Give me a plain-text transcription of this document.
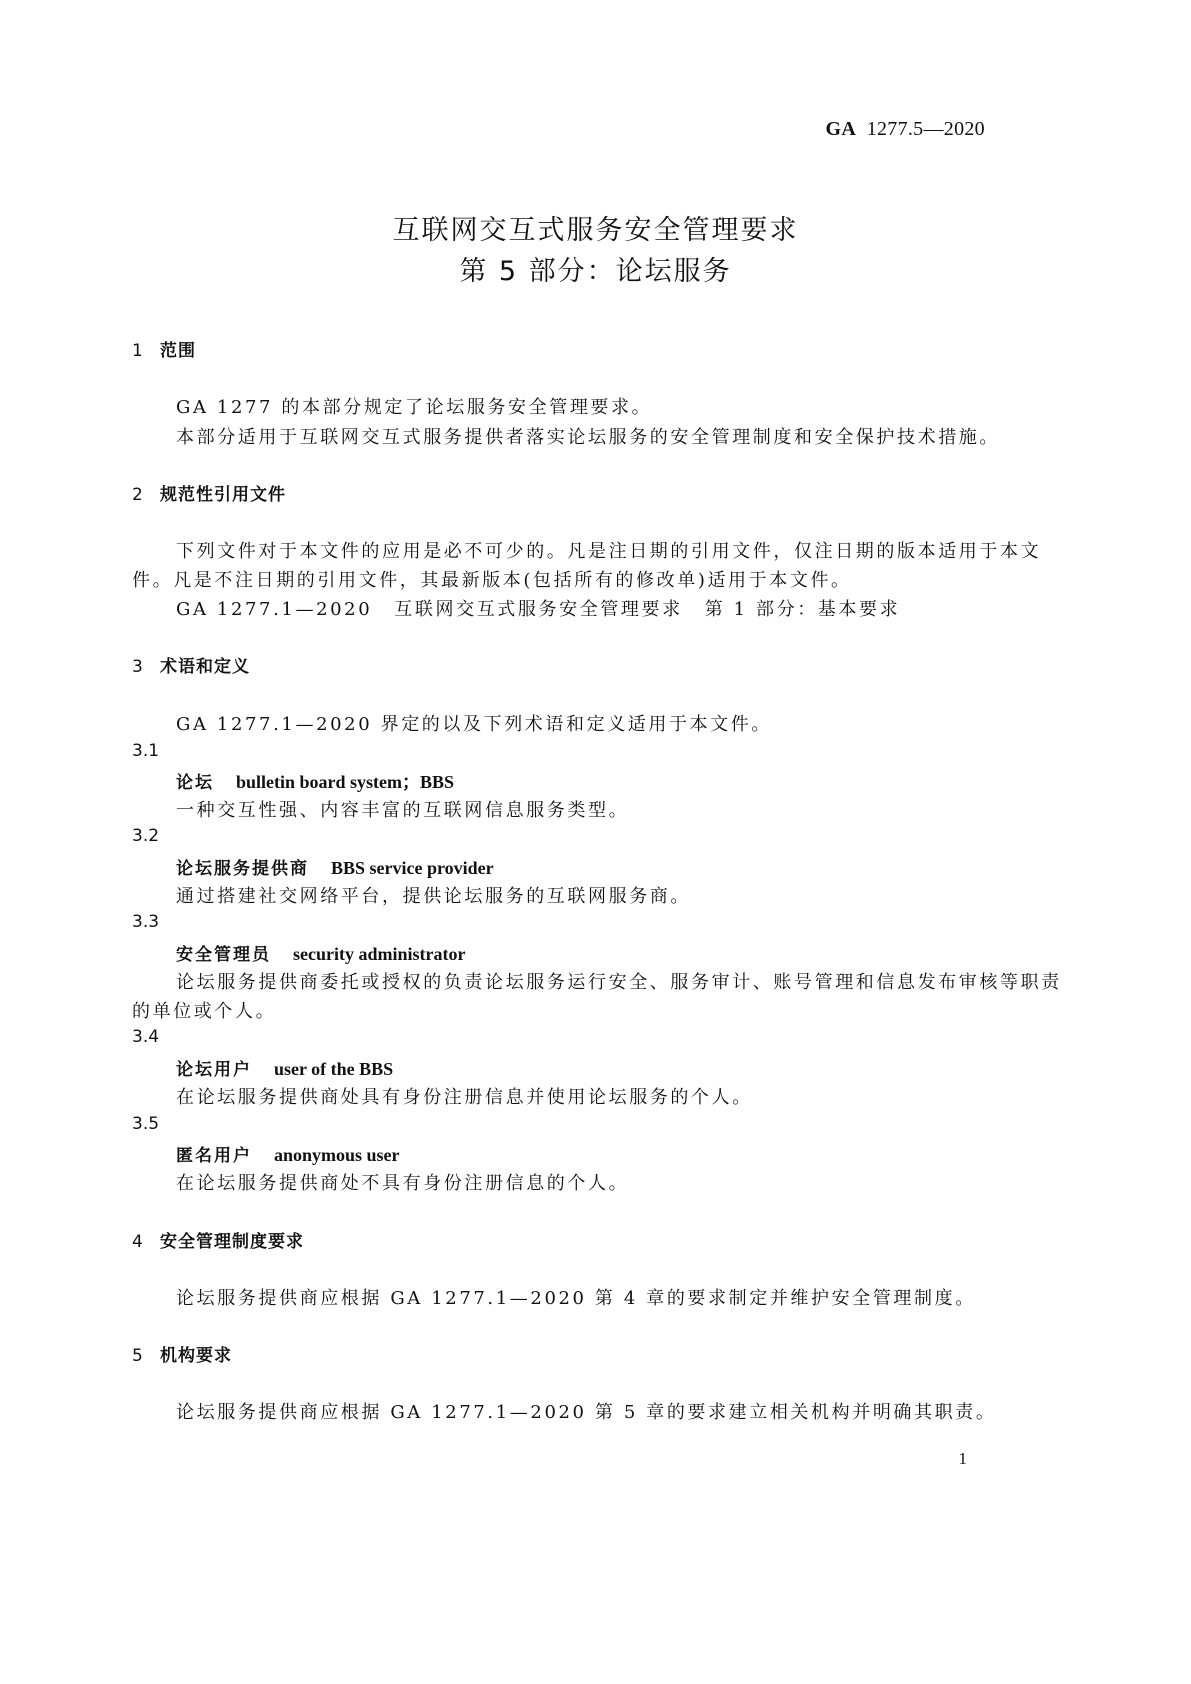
GA 1277.5—2020
互联网交互式服务安全管理要求
第 5 部分：论坛服务
1 范围
GA 1277 的本部分规定了论坛服务安全管理要求。
本部分适用于互联网交互式服务提供者落实论坛服务的安全管理制度和安全保护技术措施。
2 规范性引用文件
下列文件对于本文件的应用是必不可少的。凡是注日期的引用文件，仅注日期的版本适用于本文
件。凡是不注日期的引用文件，其最新版本(包括所有的修改单)适用于本文件。
GA 1277.1—2020 互联网交互式服务安全管理要求 第 1 部分：基本要求
3 术语和定义
GA 1277.1—2020 界定的以及下列术语和定义适用于本文件。
3.1
论坛 bulletin board system；BBS
一种交互性强、内容丰富的互联网信息服务类型。
3.2
论坛服务提供商 BBS service provider
通过搭建社交网络平台，提供论坛服务的互联网服务商。
3.3
安全管理员 security administrator
论坛服务提供商委托或授权的负责论坛服务运行安全、服务审计、账号管理和信息发布审核等职责
的单位或个人。
3.4
论坛用户 user of the BBS
在论坛服务提供商处具有身份注册信息并使用论坛服务的个人。
3.5
匿名用户 anonymous user
在论坛服务提供商处不具有身份注册信息的个人。
4 安全管理制度要求
论坛服务提供商应根据 GA 1277.1—2020 第 4 章的要求制定并维护安全管理制度。
5 机构要求
论坛服务提供商应根据 GA 1277.1—2020 第 5 章的要求建立相关机构并明确其职责。
1
